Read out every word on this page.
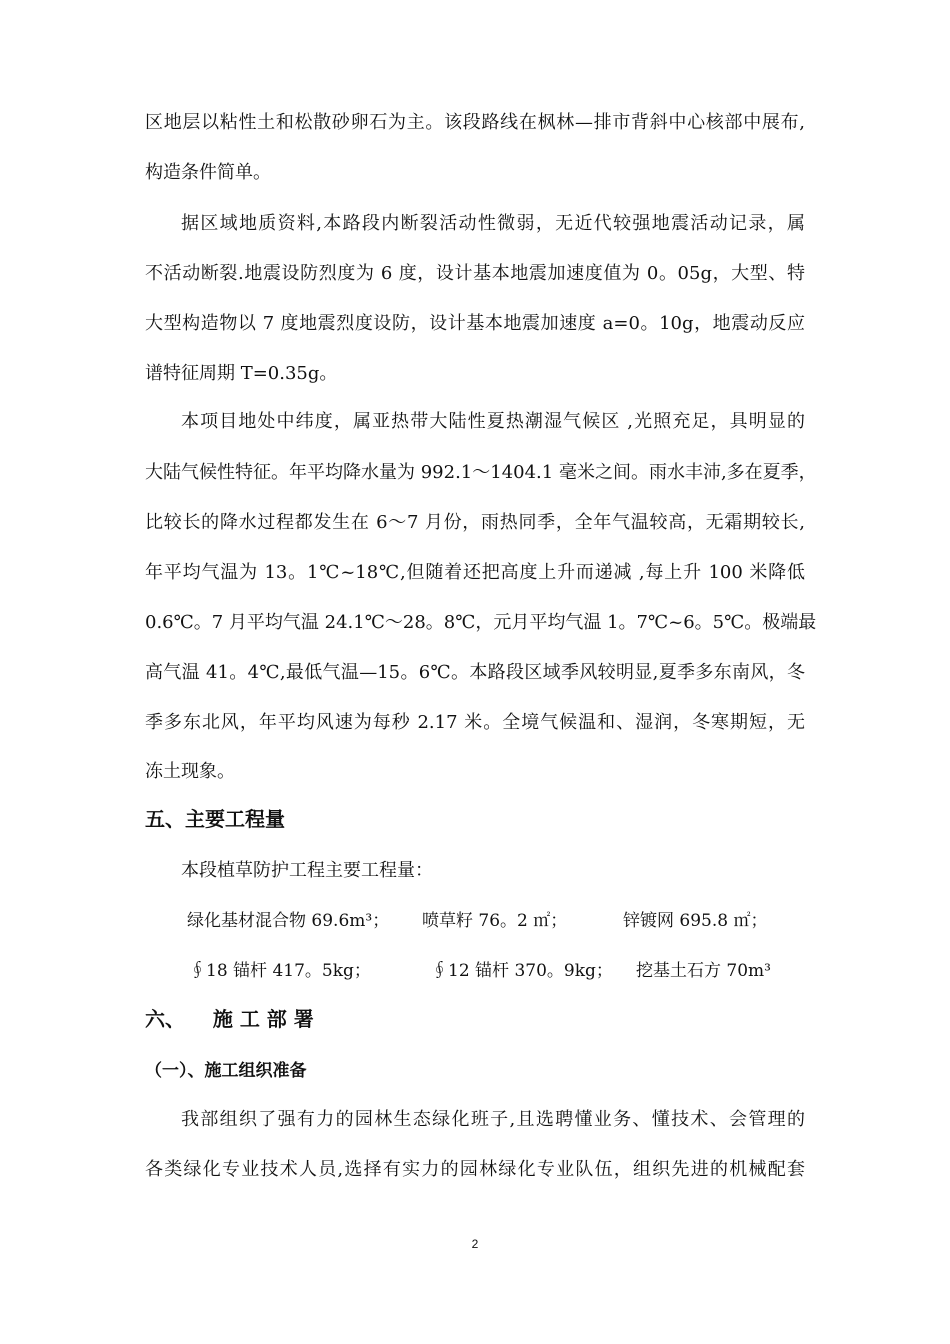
区地层以粘性土和松散砂卵石为主。该段路线在枫林—排市背斜中心核部中展布,
构造条件简单。
据区域地质资料,本路段内断裂活动性微弱，无近代较强地震活动记录，属
不活动断裂.地震设防烈度为 6 度，设计基本地震加速度值为 0。05g，大型、特
大型构造物以 7 度地震烈度设防，设计基本地震加速度 a=0。10g，地震动反应
谱特征周期 T=0.35g。
本项目地处中纬度，属亚热带大陆性夏热潮湿气候区 ,光照充足，具明显的
大陆气候性特征。年平均降水量为 992.1～1404.1 毫米之间。雨水丰沛,多在夏季，
比较长的降水过程都发生在 6～7 月份，雨热同季，全年气温较高，无霜期较长,
年平均气温为 13。1℃~18℃,但随着还把高度上升而递减 ,每上升 100 米降低
0.6℃。7 月平均气温 24.1℃～28。8℃，元月平均气温 1。7℃~6。5℃。极端最
高气温 41。4℃,最低气温—15。6℃。本路段区域季风较明显,夏季多东南风，冬
季多东北风，年平均风速为每秒 2.17 米。全境气候温和、湿润，冬寒期短，无
冻土现象。
五、主要工程量
本段植草防护工程主要工程量：
绿化基材混合物 69.6m³； 喷草籽 76。2 ㎡；	锌镀网 695.8 ㎡；
∮18 锚杆 417。5kg；	∮12 锚杆 370。9kg； 挖基土石方 70m³
六、    施 工 部 署
（一）、施工组织准备
我部组织了强有力的园林生态绿化班子,且选聘懂业务、懂技术、会管理的
各类绿化专业技术人员,选择有实力的园林绿化专业队伍，组织先进的机械配套
2
